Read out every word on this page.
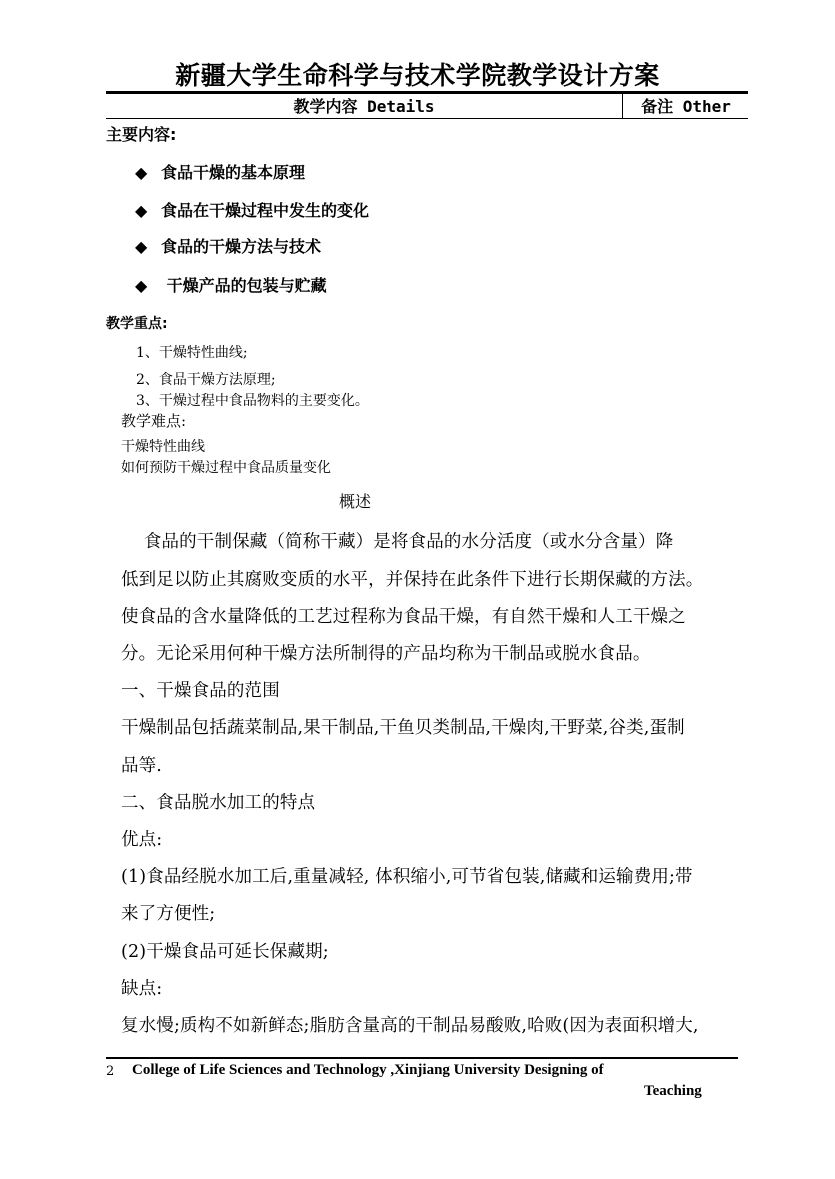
新疆大学生命科学与技术学院教学设计方案
教学内容 Details	备注 Other
主要内容:
◆ 食品干燥的基本原理
◆ 食品在干燥过程中发生的变化
◆ 食品的干燥方法与技术
◆ 干燥产品的包装与贮藏
教学重点:
1、干燥特性曲线;
2、食品干燥方法原理;
3、干燥过程中食品物料的主要变化。
教学难点:
干燥特性曲线
如何预防干燥过程中食品质量变化
概述
食品的干制保藏（简称干藏）是将食品的水分活度（或水分含量）降
低到足以防止其腐败变质的水平，并保持在此条件下进行长期保藏的方法。
使食品的含水量降低的工艺过程称为食品干燥，有自然干燥和人工干燥之
分。无论采用何种干燥方法所制得的产品均称为干制品或脱水食品。
一、干燥食品的范围
干燥制品包括蔬菜制品,果干制品,干鱼贝类制品,干燥肉,干野菜,谷类,蛋制
品等.
二、食品脱水加工的特点
优点:
(1)食品经脱水加工后,重量减轻, 体积缩小,可节省包装,储藏和运输费用;带
来了方便性;
(2)干燥食品可延长保藏期;
缺点:
复水慢;质构不如新鲜态;脂肪含量高的干制品易酸败,哈败(因为表面积增大,
2 College of Life Sciences and Technology ,Xinjiang University Designing of
Teaching
